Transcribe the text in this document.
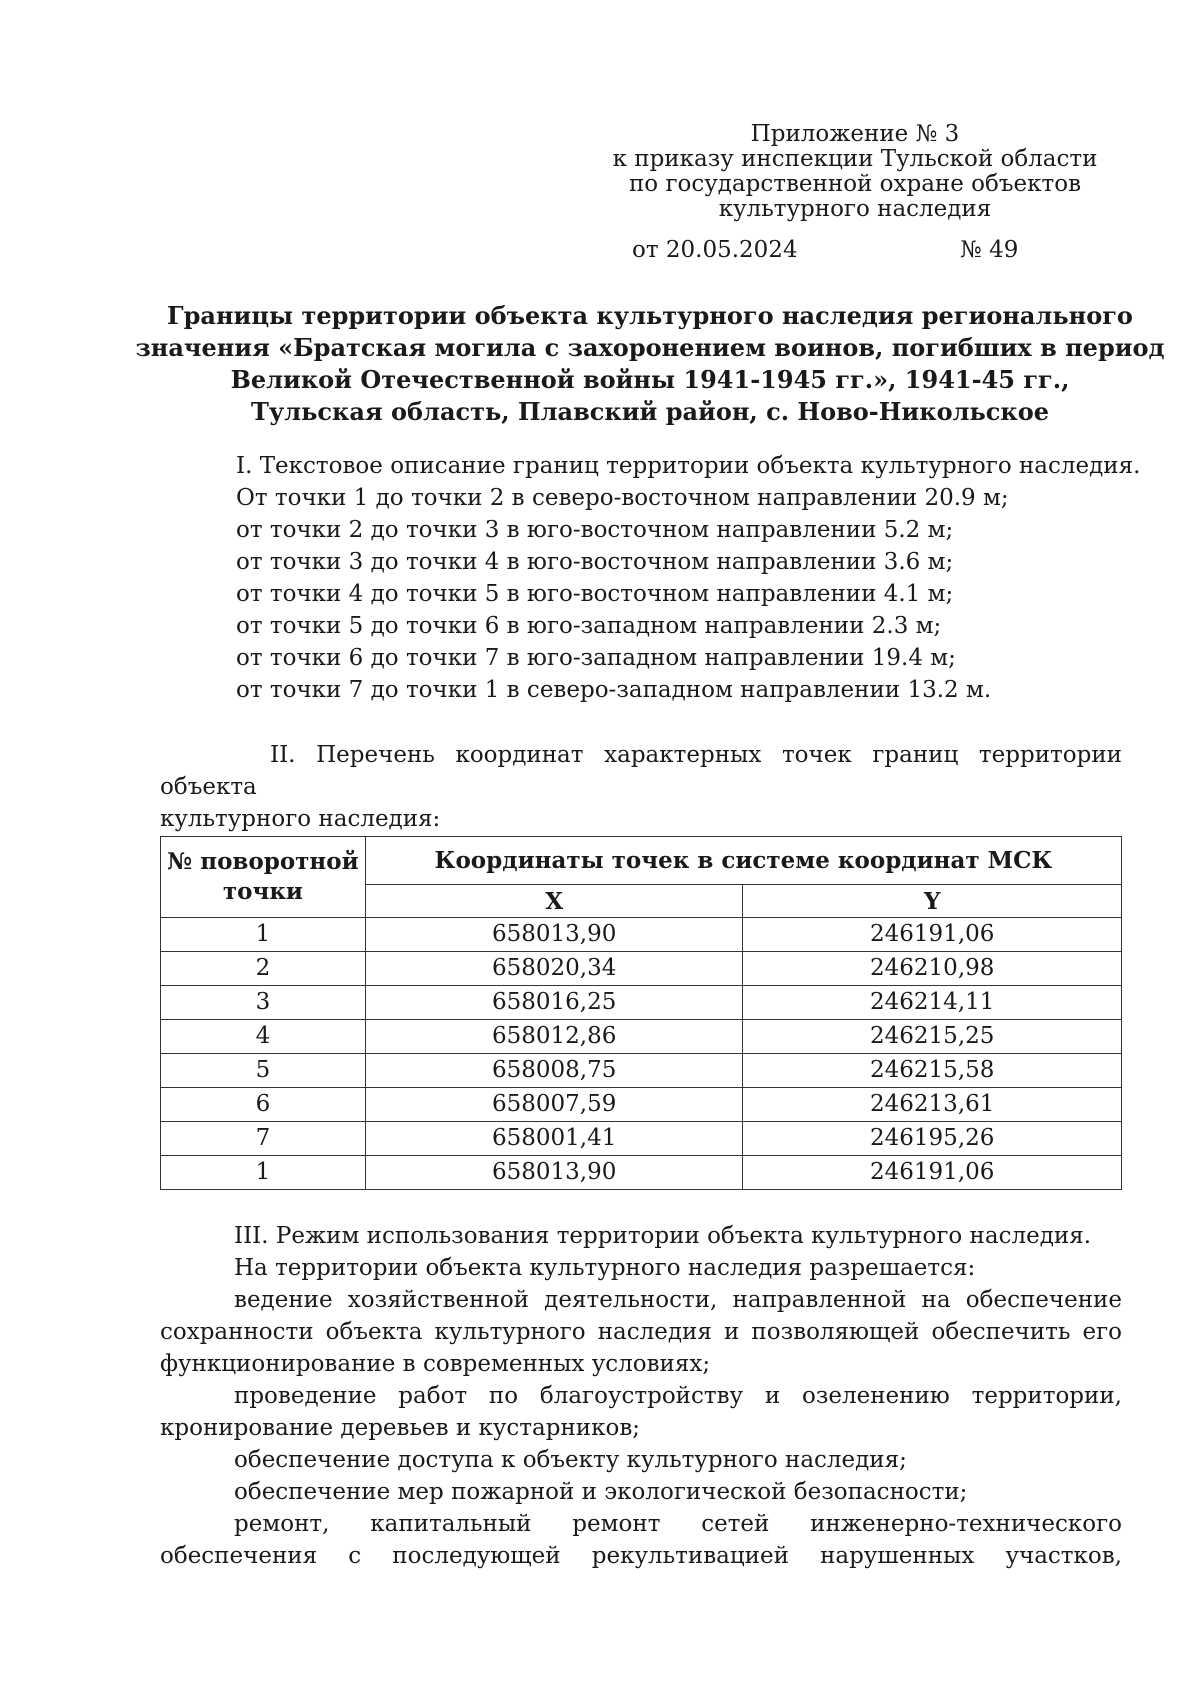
Приложение № 3
к приказу инспекции Тульской области
по государственной охране объектов
культурного наследия
от 20.05.2024	№ 49
Границы территории объекта культурного наследия регионального
значения «Братская могила с захоронением воинов, погибших в период
Великой Отечественной войны 1941-1945 гг.», 1941-45 гг.,
Тульская область, Плавский район, с. Ново-Никольское
I. Текстовое описание границ территории объекта культурного наследия.
От точки 1 до точки 2 в северо-восточном направлении 20.9 м;
от точки 2 до точки 3 в юго-восточном направлении 5.2 м;
от точки 3 до точки 4 в юго-восточном направлении 3.6 м;
от точки 4 до точки 5 в юго-восточном направлении 4.1 м;
от точки 5 до точки 6 в юго-западном направлении 2.3 м;
от точки 6 до точки 7 в юго-западном направлении 19.4 м;
от точки 7 до точки 1 в северо-западном направлении 13.2 м.
II. Перечень координат характерных точек границ территории объекта
культурного наследия:
№ поворотной точки	Координаты точек в системе координат МСК	
	X	Y
1	658013,90	246191,06
2	658020,34	246210,98
3	658016,25	246214,11
4	658012,86	246215,25
5	658008,75	246215,58
6	658007,59	246213,61
7	658001,41	246195,26
1	658013,90	246191,06
III. Режим использования территории объекта культурного наследия.
На территории объекта культурного наследия разрешается:
ведение хозяйственной деятельности, направленной на обеспечение сохранности объекта культурного наследия и позволяющей обеспечить его функционирование в современных условиях;
проведение работ по благоустройству и озеленению территории, кронирование деревьев и кустарников;
обеспечение доступа к объекту культурного наследия;
обеспечение мер пожарной и экологической безопасности;
ремонт, капитальный ремонт сетей инженерно-технического обеспечения с последующей рекультивацией нарушенных участков,
